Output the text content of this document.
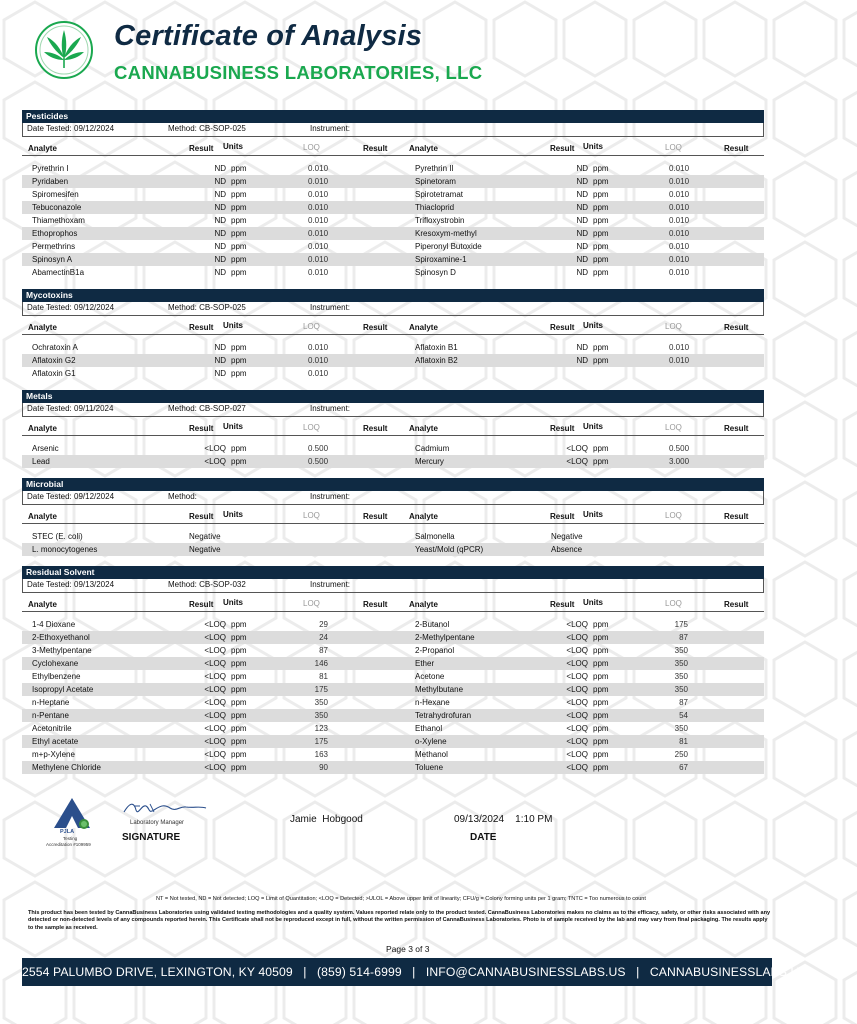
Certificate of Analysis
CANNABUSINESS LABORATORIES, LLC
Pesticides
Date Tested: 09/12/2024	Method: CB-SOP-025	Instrument:
Analyte	Result Units	LOQ	Result	Analyte	Result Units	LOQ	Result
Pyrethrin I	ND ppm	0.010	Pyrethrin II	ND ppm	0.010
Pyridaben	ND ppm	0.010	Spinetoram	ND ppm	0.010
Spiromesifen	ND ppm	0.010	Spirotetramat	ND ppm	0.010
Tebuconazole	ND ppm	0.010	Thiacloprid	ND ppm	0.010
Thiamethoxam	ND ppm	0.010	Trifloxystrobin	ND ppm	0.010
Ethoprophos	ND ppm	0.010	Kresoxym-methyl	ND ppm	0.010
Permethrins	ND ppm	0.010	Piperonyl Butoxide	ND ppm	0.010
Spinosyn A	ND ppm	0.010	Spiroxamine-1	ND ppm	0.010
AbamectinB1a	ND ppm	0.010	Spinosyn D	ND ppm	0.010
Mycotoxins
Date Tested: 09/12/2024	Method: CB-SOP-025	Instrument:
Analyte	Result Units	LOQ	Result	Analyte	Result Units	LOQ	Result
Ochratoxin A	ND ppm	0.010	Aflatoxin B1	ND ppm	0.010
Aflatoxin G2	ND ppm	0.010	Aflatoxin B2	ND ppm	0.010
Aflatoxin G1	ND ppm	0.010
Metals
Date Tested: 09/11/2024	Method: CB-SOP-027	Instrument:
Analyte	Result Units	LOQ	Result	Analyte	Result Units	LOQ	Result
Arsenic	<LOQ ppm	0.500	Cadmium	<LOQ ppm	0.500
Lead	<LOQ ppm	0.500	Mercury	<LOQ ppm	3.000
Microbial
Date Tested: 09/12/2024	Method:	Instrument:
Analyte	Result Units	LOQ	Result	Analyte	Result Units	LOQ	Result
STEC (E. coli)	Negative	Salmonella	Negative
L. monocytogenes	Negative	Yeast/Mold (qPCR)	Absence
Residual Solvent
Date Tested: 09/13/2024	Method: CB-SOP-032	Instrument:
Analyte	Result Units	LOQ	Result	Analyte	Result Units	LOQ	Result
1-4 Dioxane	<LOQ ppm	29	2-Butanol	<LOQ ppm	175
2-Ethoxyethanol	<LOQ ppm	24	2-Methylpentane	<LOQ ppm	87
3-Methylpentane	<LOQ ppm	87	2-Propanol	<LOQ ppm	350
Cyclohexane	<LOQ ppm	146	Ether	<LOQ ppm	350
Ethylbenzene	<LOQ ppm	81	Acetone	<LOQ ppm	350
Isopropyl Acetate	<LOQ ppm	175	Methylbutane	<LOQ ppm	350
n-Heptane	<LOQ ppm	350	n-Hexane	<LOQ ppm	87
n-Pentane	<LOQ ppm	350	Tetrahydrofuran	<LOQ ppm	54
Acetonitrile	<LOQ ppm	123	Ethanol	<LOQ ppm	350
Ethyl acetate	<LOQ ppm	175	o-Xylene	<LOQ ppm	81
m+p-Xylene	<LOQ ppm	163	Methanol	<LOQ ppm	250
Methylene Chloride	<LOQ ppm	90	Toluene	<LOQ ppm	67
PJLA
Testing
Accreditation #109959
Laboratory Manager
SIGNATURE
Jamie  Hobgood	09/13/2024    1:10 PM
DATE
NT = Not tested, ND = Not detected; LOQ = Limit of Quantitation; <LOQ = Detected; >ULOL = Above upper limit of linearity; CFU/g = Colony forming units per 1 gram; TNTC = Too numerous to count
This product has been tested by CannaBusiness Laboratories using validated testing methodologies and a quality system. Values reported relate only to the product tested. CannaBusiness Laboratories makes no claims as to the efficacy, safety, or other risks associated with any detected or non-detected levels of any compounds reported herein. This Certificate shall not be reproduced except in full, without the written permission of CannaBusiness Laboratories. Photo is of sample received by the lab and may vary from final packaging. The results apply to the sample as received.
Page 3 of 3
2554 PALUMBO DRIVE, LEXINGTON, KY 40509   |   (859) 514-6999   |   INFO@CANNABUSINESSLABS.US   |   CANNABUSINESSLABS.US
